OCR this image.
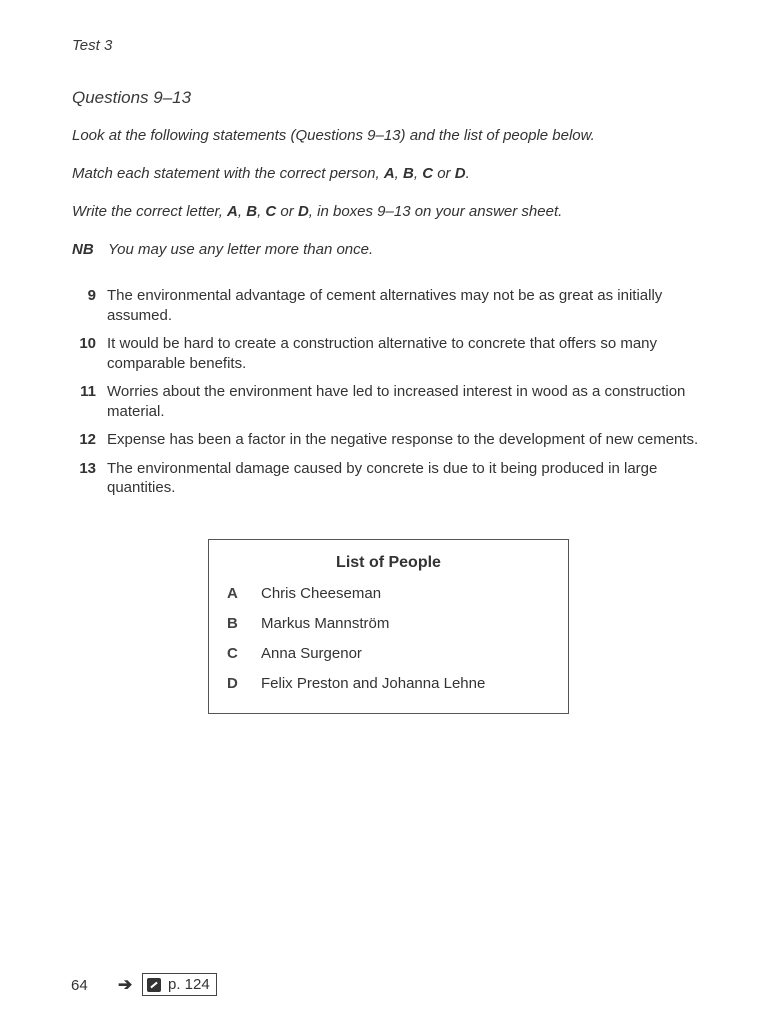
Test 3
Questions 9–13
Look at the following statements (Questions 9–13) and the list of people below.
Match each statement with the correct person, A, B, C or D.
Write the correct letter, A, B, C or D, in boxes 9–13 on your answer sheet.
NB You may use any letter more than once.
9 The environmental advantage of cement alternatives may not be as great as initially assumed.
10 It would be hard to create a construction alternative to concrete that offers so many comparable benefits.
11 Worries about the environment have led to increased interest in wood as a construction material.
12 Expense has been a factor in the negative response to the development of new cements.
13 The environmental damage caused by concrete is due to it being produced in large quantities.
List of People
A	Chris Cheeseman
B	Markus Mannström
C	Anna Surgenor
D	Felix Preston and Johanna Lehne
64 ➔ p. 124
